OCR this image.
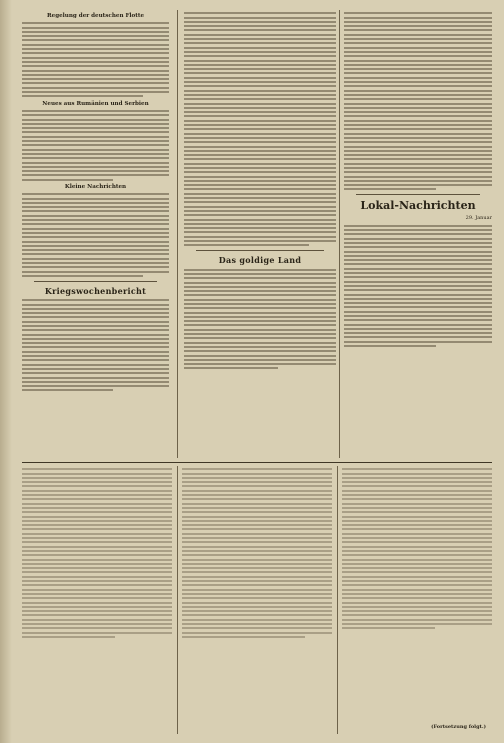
Regelung der deutschen Flotte
Neues aus Rumänien und Serbien
Kleine Nachrichten
Kriegswochenbericht
Das goldige Land
Lokal-Nachrichten
29. Januar
(Fortsetzung folgt.)
